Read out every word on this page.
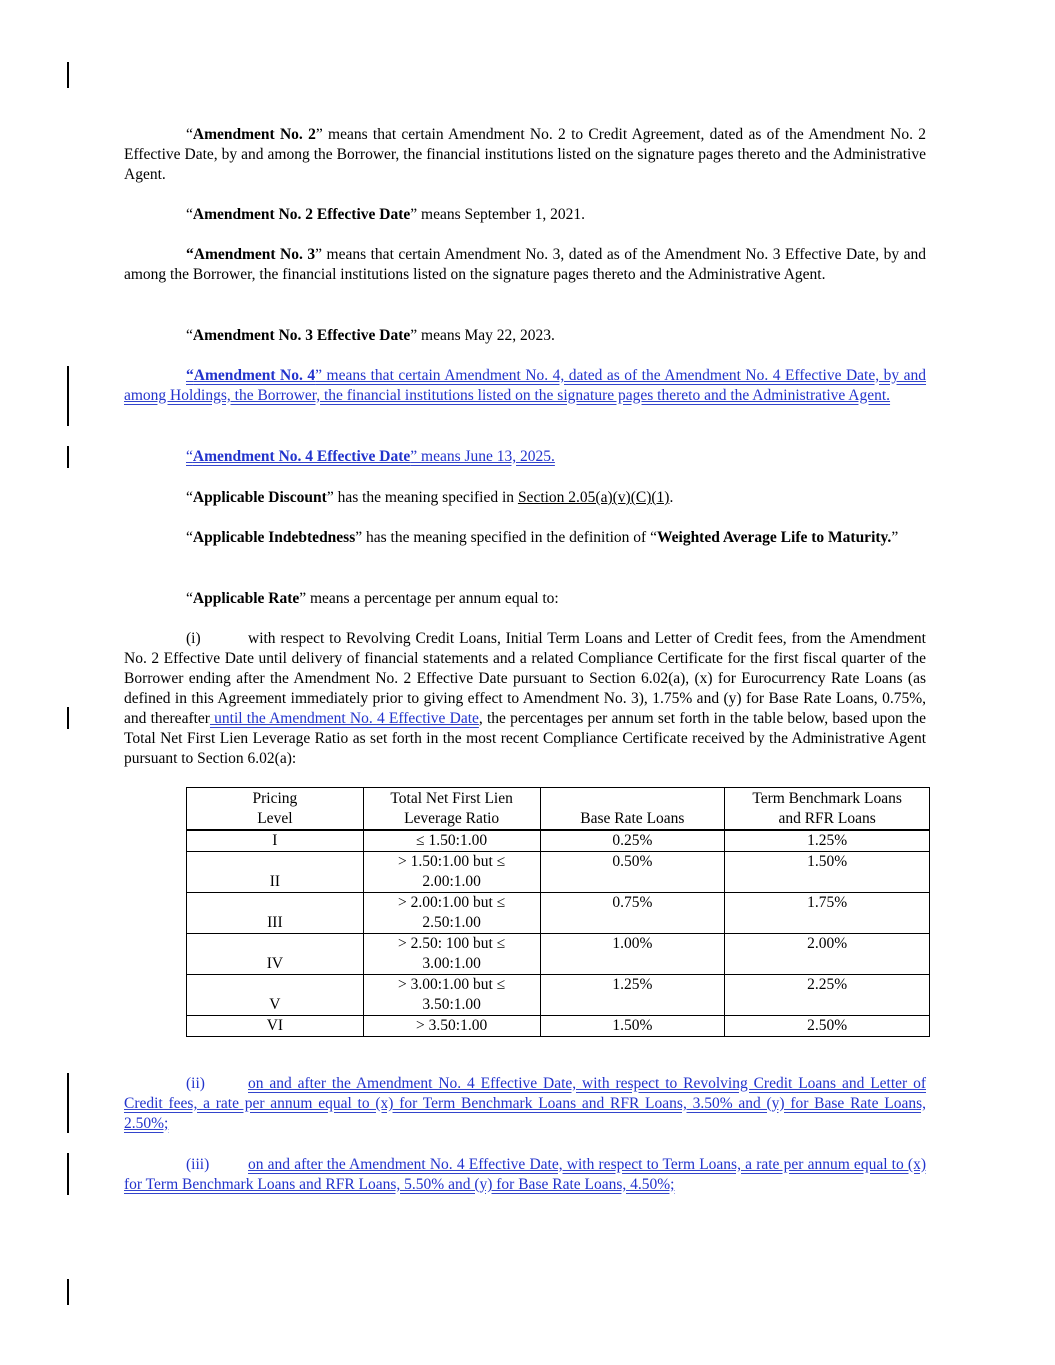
“Amendment No. 2” means that certain Amendment No. 2 to Credit Agreement, dated as of the Amendment No. 2 Effective Date, by and among the Borrower, the financial institutions listed on the signature pages thereto and the Administrative Agent.
“Amendment No. 2 Effective Date” means September 1, 2021.
“Amendment No. 3” means that certain Amendment No. 3, dated as of the Amendment No. 3 Effective Date, by and among the Borrower, the financial institutions listed on the signature pages thereto and the Administrative Agent.
“Amendment No. 3 Effective Date” means May 22, 2023.
“Amendment No. 4” means that certain Amendment No. 4, dated as of the Amendment No. 4 Effective Date, by and among Holdings, the Borrower, the financial institutions listed on the signature pages thereto and the Administrative Agent.
“Amendment No. 4 Effective Date” means June 13, 2025.
“Applicable Discount” has the meaning specified in Section 2.05(a)(v)(C)(1).
“Applicable Indebtedness” has the meaning specified in the definition of “Weighted Average Life to Maturity.”
“Applicable Rate” means a percentage per annum equal to:
(i)	with respect to Revolving Credit Loans, Initial Term Loans and Letter of Credit fees, from the Amendment No. 2 Effective Date until delivery of financial statements and a related Compliance Certificate for the first fiscal quarter of the Borrower ending after the Amendment No. 2 Effective Date pursuant to Section 6.02(a), (x) for Eurocurrency Rate Loans (as defined in this Agreement immediately prior to giving effect to Amendment No. 3), 1.75% and (y) for Base Rate Loans, 0.75%, and thereafter until the Amendment No. 4 Effective Date, the percentages per annum set forth in the table below, based upon the Total Net First Lien Leverage Ratio as set forth in the most recent Compliance Certificate received by the Administrative Agent pursuant to Section 6.02(a):
Pricing
Level	Total Net First Lien
Leverage Ratio	Base Rate Loans	Term Benchmark Loans
and RFR Loans
I	≤ 1.50:1.00	0.25%	1.25%
II	> 1.50:1.00 but ≤
2.00:1.00	0.50%	1.50%
III	> 2.00:1.00 but ≤
2.50:1.00	0.75%	1.75%
IV	> 2.50: 100 but ≤
3.00:1.00	1.00%	2.00%
V	> 3.00:1.00 but ≤
3.50:1.00	1.25%	2.25%
VI	> 3.50:1.00	1.50%	2.50%
(ii)	on and after the Amendment No. 4 Effective Date, with respect to Revolving Credit Loans and Letter of Credit fees, a rate per annum equal to (x) for Term Benchmark Loans and RFR Loans, 3.50% and (y) for Base Rate Loans, 2.50%;
(iii)	on and after the Amendment No. 4 Effective Date, with respect to Term Loans, a rate per annum equal to (x) for Term Benchmark Loans and RFR Loans, 5.50% and (y) for Base Rate Loans, 4.50%;
